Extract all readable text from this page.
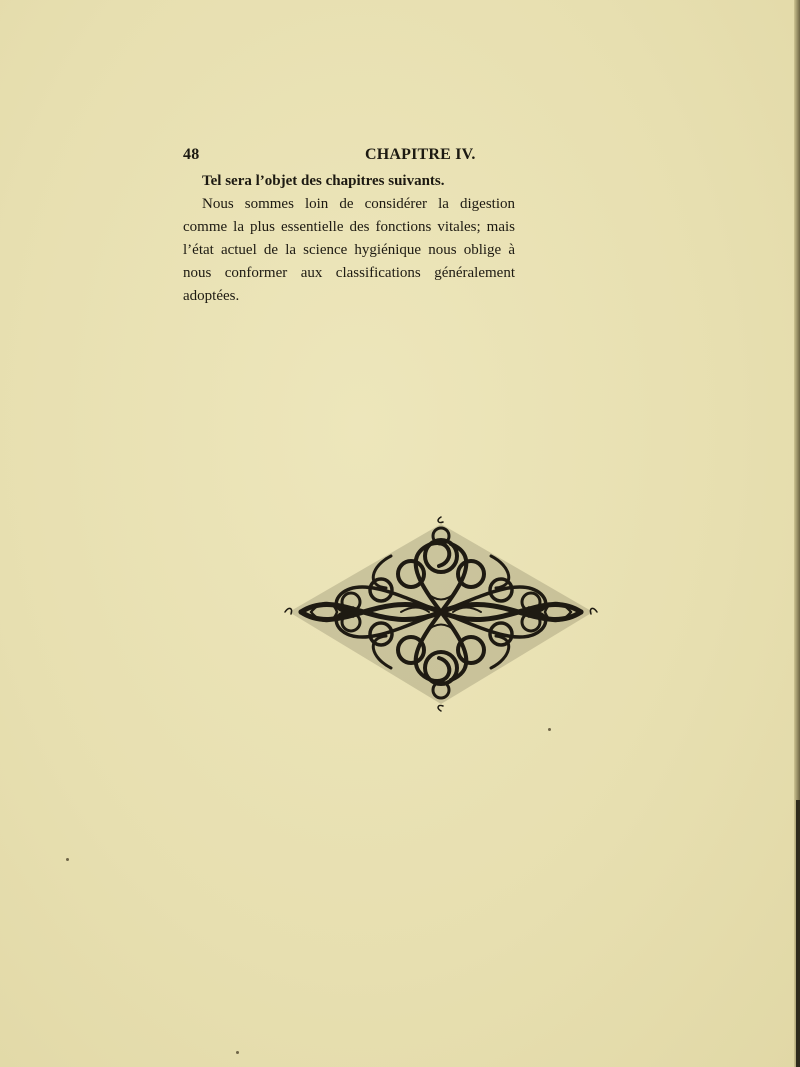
48	CHAPITRE IV.

Tel sera l’objet des chapitres suivants.

Nous sommes loin de considérer la digestion comme la plus essentielle des fonctions vitales; mais l’état actuel de la science hygiénique nous oblige à nous conformer aux classifications généralement adoptées.
